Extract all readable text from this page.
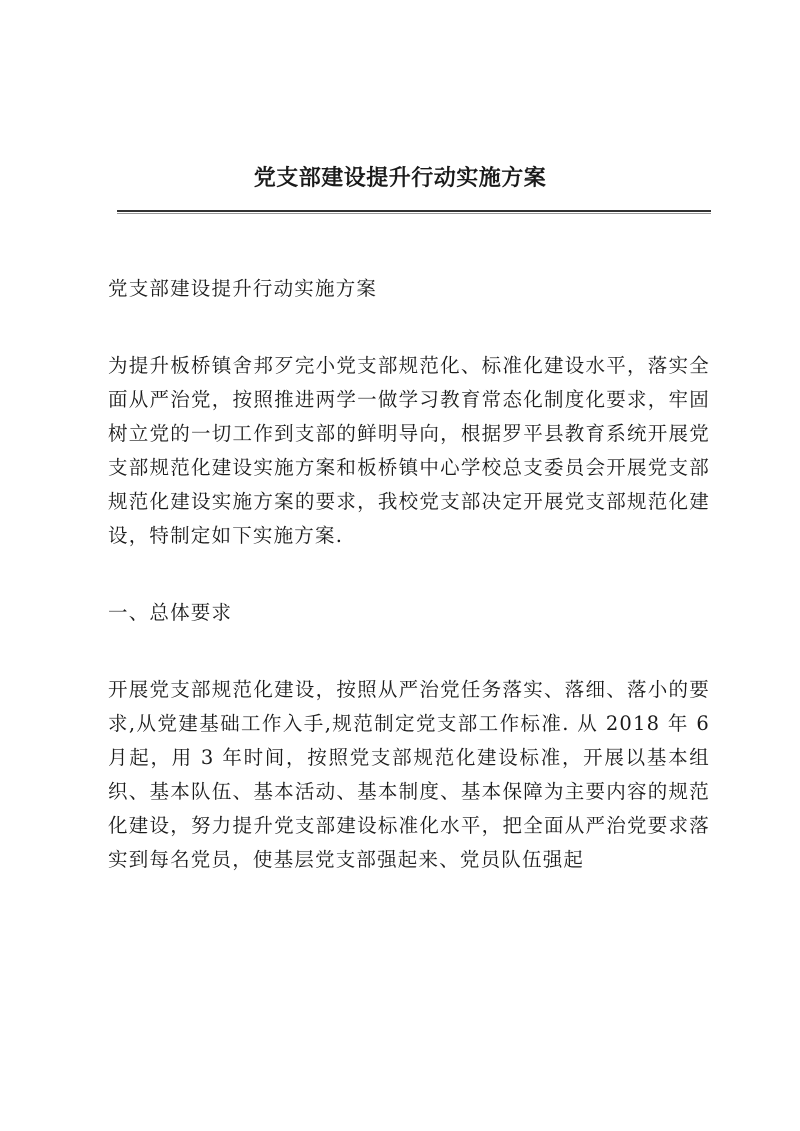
党支部建设提升行动实施方案

党支部建设提升行动实施方案

为提升板桥镇舍邦歹完小党支部规范化、标准化建设水平，落实全面从严治党，按照推进两学一做学习教育常态化制度化要求，牢固树立党的一切工作到支部的鲜明导向，根据罗平县教育系统开展党支部规范化建设实施方案和板桥镇中心学校总支委员会开展党支部规范化建设实施方案的要求，我校党支部决定开展党支部规范化建设，特制定如下实施方案.

一、总体要求

开展党支部规范化建设，按照从严治党任务落实、落细、落小的要求,从党建基础工作入手,规范制定党支部工作标准. 从 2018 年 6 月起，用 3 年时间，按照党支部规范化建设标准，开展以基本组织、基本队伍、基本活动、基本制度、基本保障为主要内容的规范化建设，努力提升党支部建设标准化水平，把全面从严治党要求落实到每名党员，使基层党支部强起来、党员队伍强起
